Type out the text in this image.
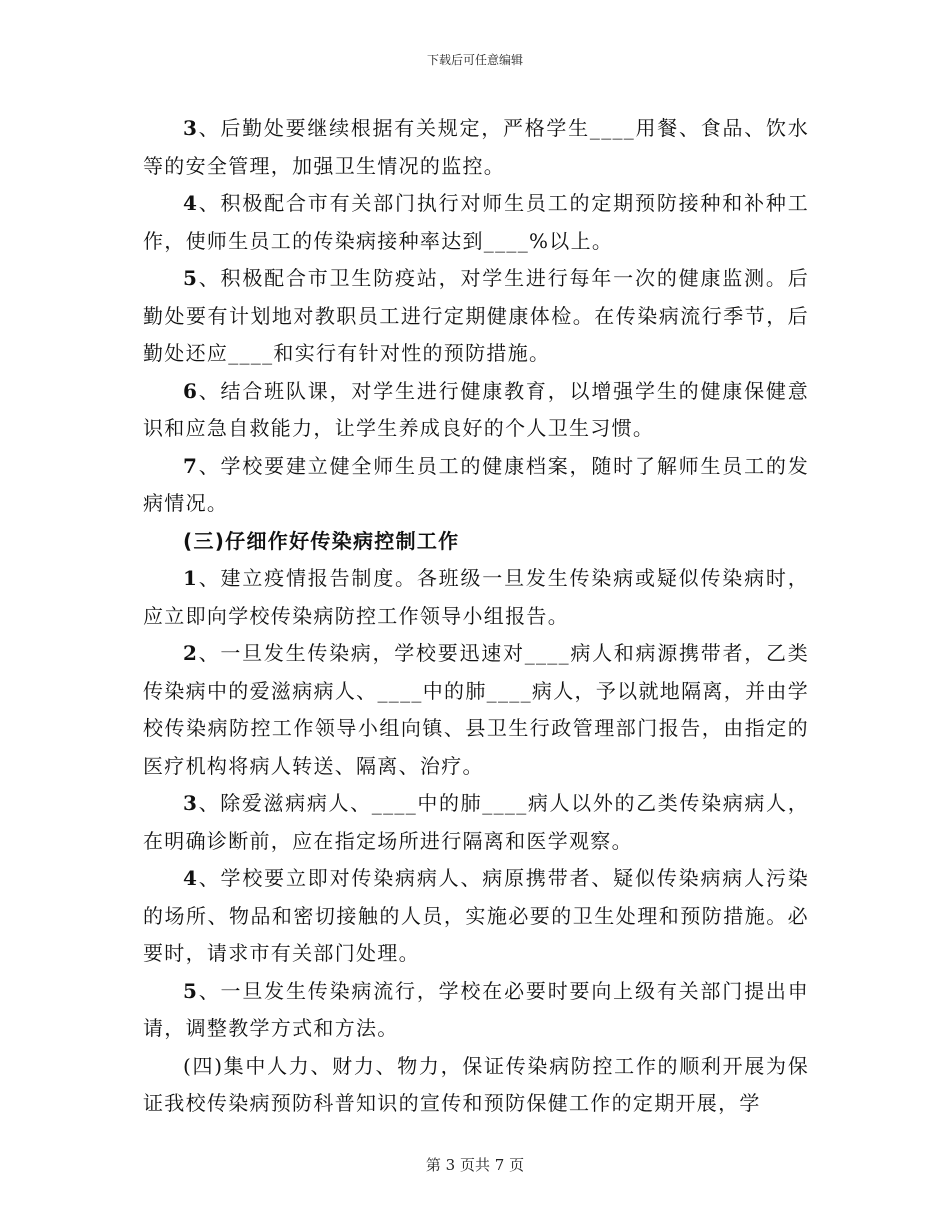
下载后可任意编辑

3、后勤处要继续根据有关规定，严格学生____用餐、食品、饮水等的安全管理，加强卫生情况的监控。

4、积极配合市有关部门执行对师生员工的定期预防接种和补种工作，使师生员工的传染病接种率达到____%以上。

5、积极配合市卫生防疫站，对学生进行每年一次的健康监测。后勤处要有计划地对教职员工进行定期健康体检。在传染病流行季节，后勤处还应____和实行有针对性的预防措施。

6、结合班队课，对学生进行健康教育，以增强学生的健康保健意识和应急自救能力，让学生养成良好的个人卫生习惯。

7、学校要建立健全师生员工的健康档案，随时了解师生员工的发病情况。

(三)仔细作好传染病控制工作

1、建立疫情报告制度。各班级一旦发生传染病或疑似传染病时，应立即向学校传染病防控工作领导小组报告。

2、一旦发生传染病，学校要迅速对____病人和病源携带者，乙类传染病中的爱滋病病人、____中的肺____病人，予以就地隔离，并由学校传染病防控工作领导小组向镇、县卫生行政管理部门报告，由指定的医疗机构将病人转送、隔离、治疗。

3、除爱滋病病人、____中的肺____病人以外的乙类传染病病人，在明确诊断前，应在指定场所进行隔离和医学观察。

4、学校要立即对传染病病人、病原携带者、疑似传染病病人污染的场所、物品和密切接触的人员，实施必要的卫生处理和预防措施。必要时，请求市有关部门处理。

5、一旦发生传染病流行，学校在必要时要向上级有关部门提出申请，调整教学方式和方法。

(四)集中人力、财力、物力，保证传染病防控工作的顺利开展为保证我校传染病预防科普知识的宣传和预防保健工作的定期开展，学

第 3 页共 7 页
